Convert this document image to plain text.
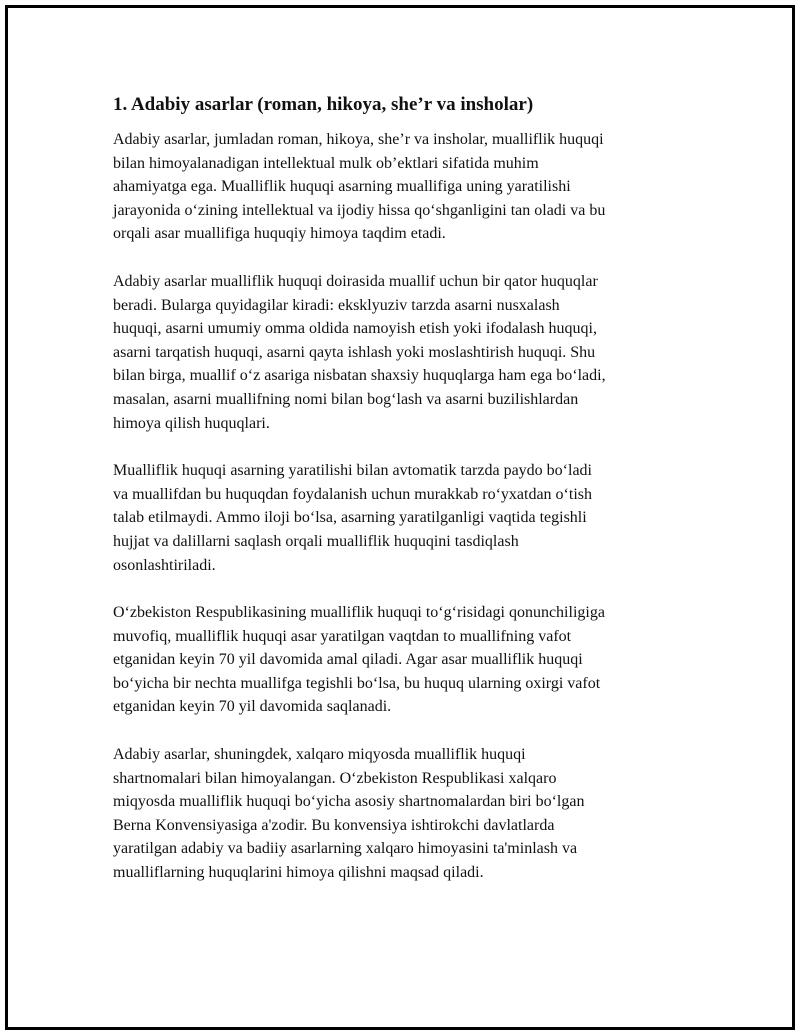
1. Adabiy asarlar (roman, hikoya, she’r va insholar)

Adabiy asarlar, jumladan roman, hikoya, she’r va insholar, mualliflik huquqi
bilan himoyalanadigan intellektual mulk ob’ektlari sifatida muhim
ahamiyatga ega. Mualliflik huquqi asarning muallifiga uning yaratilishi
jarayonida o‘zining intellektual va ijodiy hissa qo‘shganligini tan oladi va bu
orqali asar muallifiga huquqiy himoya taqdim etadi.

Adabiy asarlar mualliflik huquqi doirasida muallif uchun bir qator huquqlar
beradi. Bularga quyidagilar kiradi: eksklyuziv tarzda asarni nusxalash
huquqi, asarni umumiy omma oldida namoyish etish yoki ifodalash huquqi,
asarni tarqatish huquqi, asarni qayta ishlash yoki moslashtirish huquqi. Shu
bilan birga, muallif o‘z asariga nisbatan shaxsiy huquqlarga ham ega bo‘ladi,
masalan, asarni muallifning nomi bilan bog‘lash va asarni buzilishlardan
himoya qilish huquqlari.

Mualliflik huquqi asarning yaratilishi bilan avtomatik tarzda paydo bo‘ladi
va muallifdan bu huquqdan foydalanish uchun murakkab ro‘yxatdan o‘tish
talab etilmaydi. Ammo iloji bo‘lsa, asarning yaratilganligi vaqtida tegishli
hujjat va dalillarni saqlash orqali mualliflik huquqini tasdiqlash
osonlashtiriladi.

O‘zbekiston Respublikasining mualliflik huquqi to‘g‘risidagi qonunchiligiga
muvofiq, mualliflik huquqi asar yaratilgan vaqtdan to muallifning vafot
etganidan keyin 70 yil davomida amal qiladi. Agar asar mualliflik huquqi
bo‘yicha bir nechta muallifga tegishli bo‘lsa, bu huquq ularning oxirgi vafot
etganidan keyin 70 yil davomida saqlanadi.

Adabiy asarlar, shuningdek, xalqaro miqyosda mualliflik huquqi
shartnomalari bilan himoyalangan. O‘zbekiston Respublikasi xalqaro
miqyosda mualliflik huquqi bo‘yicha asosiy shartnomalardan biri bo‘lgan
Berna Konvensiyasiga a'zodir. Bu konvensiya ishtirokchi davlatlarda
yaratilgan adabiy va badiiy asarlarning xalqaro himoyasini ta'minlash va
mualliflarning huquqlarini himoya qilishni maqsad qiladi.
